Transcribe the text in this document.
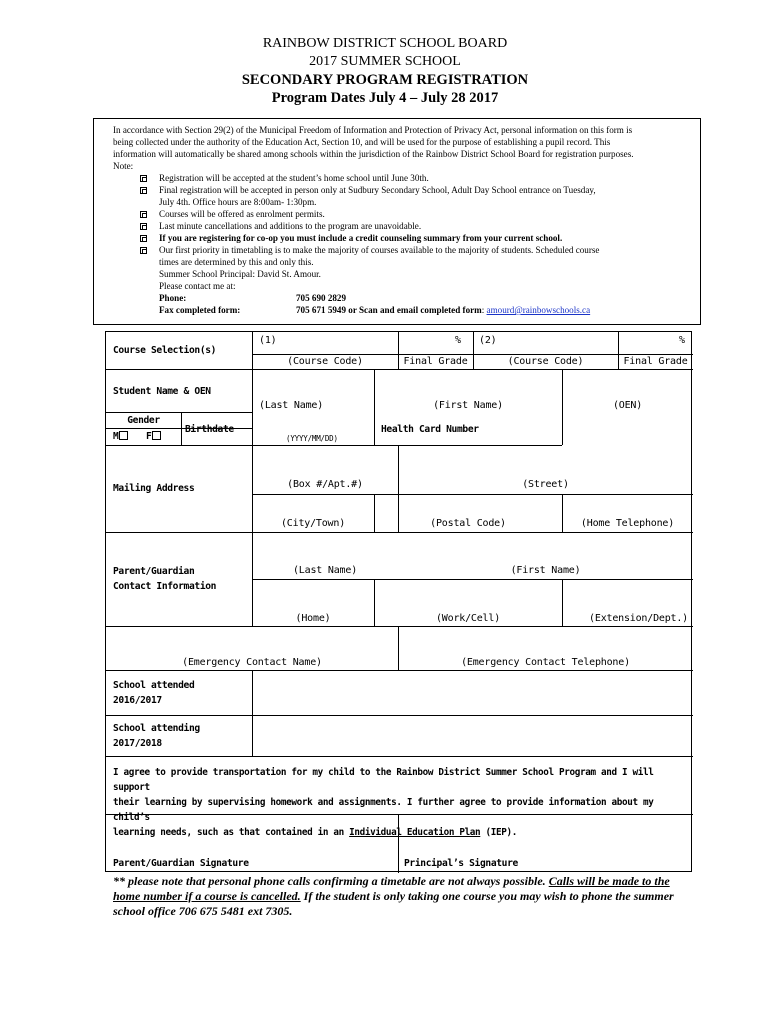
RAINBOW DISTRICT SCHOOL BOARD
2017 SUMMER SCHOOL
SECONDARY PROGRAM REGISTRATION
Program Dates July 4 – July 28 2017
In accordance with Section 29(2) of the Municipal Freedom of Information and Protection of Privacy Act, personal information on this form is
being collected under the authority of the Education Act, Section 10, and will be used for the purpose of establishing a pupil record. This
information will automatically be shared among schools within the jurisdiction of the Rainbow District School Board for registration purposes.
Note:
Registration will be accepted at the student’s home school until June 30th.
Final registration will be accepted in person only at Sudbury Secondary School, Adult Day School entrance on Tuesday,
July 4th. Office hours are 8:00am- 1:30pm.
Courses will be offered as enrolment permits.
Last minute cancellations and additions to the program are unavoidable.
If you are registering for co-op you must include a credit counseling summary from your current school.
Our first priority in timetabling is to make the majority of courses available to the majority of students. Scheduled course
times are determined by this and only this.
Summer School Principal: David St. Amour.
Please contact me at:
Phone:	705 690 2829
Fax completed form:	705 671 5949 or Scan and email completed form: amourd@rainbowschools.ca
Course Selection(s)
(1)	% (2)	%
(Course Code)	Final Grade	(Course Code)	Final Grade
Student Name & OEN
(Last Name)	(First Name)	(OEN)
Gender
M	F
Birthdate
(YYYY/MM/DD)
Health Card Number
Mailing Address	(Box #/Apt.#)	(Street)
(City/Town)	(Postal Code)	(Home Telephone)
Parent/Guardian
Contact Information
(Last Name)	(First Name)
(Home)	(Work/Cell)	(Extension/Dept.)
(Emergency Contact Name)	(Emergency Contact Telephone)
School attended
2016/2017
School attending
2017/2018
I agree to provide transportation for my child to the Rainbow District Summer School Program and I will support
their learning by supervising homework and assignments. I further agree to provide information about my child’s
learning needs, such as that contained in an Individual Education Plan (IEP).
Parent/Guardian Signature	Principal’s Signature
** please note that personal phone calls confirming a timetable are not always possible. Calls will be made to the home number if a course is cancelled. If the student is only taking one course you may wish to phone the summer school office 706 675 5481 ext 7305.
